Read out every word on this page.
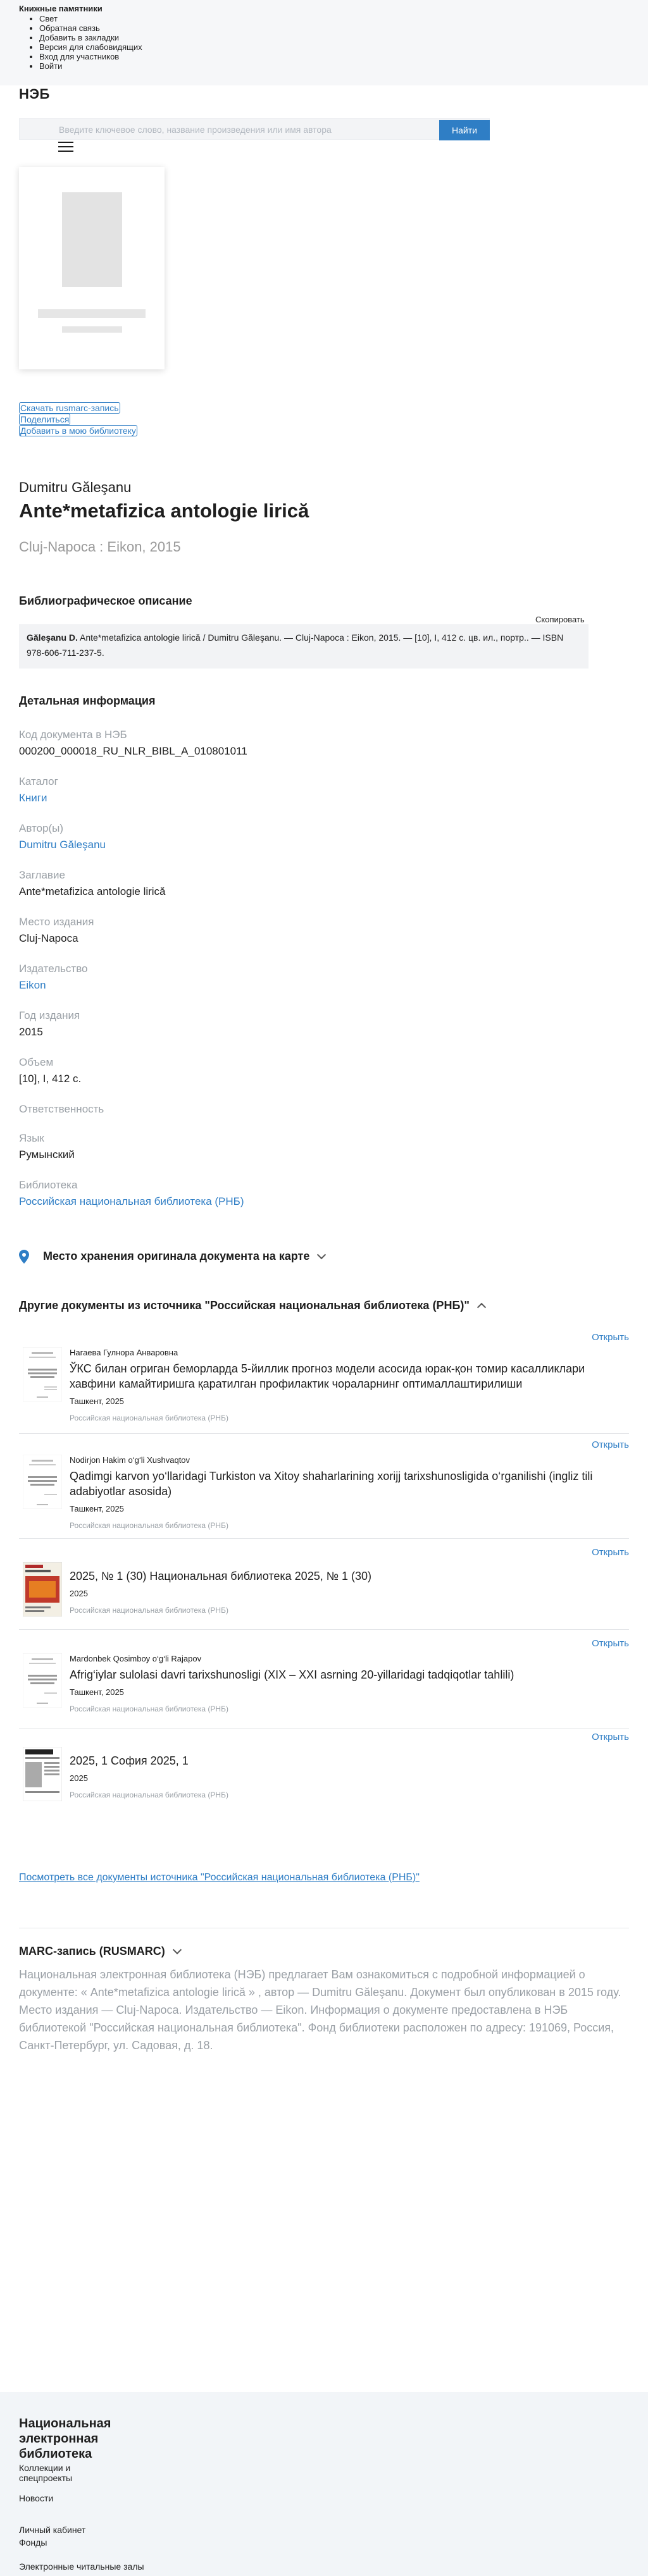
Книжные памятники
• Свет
• Обратная связь
• Добавить в закладки
• Версия для слабовидящих
• Вход для участников
• Войти
НЭБ
Введите ключевое слово, название произведения или имя автора
Найти
Скачать rusmarc-запись
Поделиться
Добавить в мою библиотеку
Dumitru Găleşanu
Ante*metafizica antologie lirică
Cluj-Napoca : Eikon, 2015
Библиографическое описание
Скопировать
Găleşanu D. Ante*metafizica antologie lirică / Dumitru Găleşanu. — Cluj-Napoca : Eikon, 2015. — [10], I, 412 с. цв. ил., портр.. — ISBN 978-606-711-237-5.
Детальная информация
Код документа в НЭБ
000200_000018_RU_NLR_BIBL_A_010801011
Каталог
Книги
Автор(ы)
Dumitru Găleşanu
Заглавие
Ante*metafizica antologie lirică
Место издания
Cluj-Napoca
Издательство
Eikon
Год издания
2015
Объем
[10], I, 412 с.
Ответственность
Язык
Румынский
Библиотека
Российская национальная библиотека (РНБ)
Место хранения оригинала документа на карте
Другие документы из источника "Российская национальная библиотека (РНБ)"
Открыть
Нагаева Гулнора Анваровна
ЎКС билан огриган беморларда 5-йиллик прогноз модели асосида юрак-қон томир касалликлари хавфини камайтиришга қаратилган профилактик чораларнинг оптималлаштирилиши
Ташкент, 2025
Российская национальная библиотека (РНБ)
Открыть
Nodirjon Hakim o‘g‘li Xushvaqtov
Qadimgi karvon yo‘llaridagi Turkiston va Xitoy shaharlarining xorijj tarixshunosligida o‘rganilishi (ingliz tili adabiyotlar asosida)
Ташкент, 2025
Российская национальная библиотека (РНБ)
Открыть
2025, № 1 (30) Национальная библиотека 2025, № 1 (30)
2025
Российская национальная библиотека (РНБ)
Открыть
Mardonbek Qosimboy o‘g‘li Rajapov
Afrig‘iylar sulolasi davri tarixshunosligi (XIX – XXI asrning 20-yillaridagi tadqiqotlar tahlili)
Ташкент, 2025
Российская национальная библиотека (РНБ)
Открыть
2025, 1 София 2025, 1
2025
Российская национальная библиотека (РНБ)
Посмотреть все документы источника "Российская национальная библиотека (РНБ)"
MARC-запись (RUSMARC)

Национальная электронная библиотека (НЭБ) предлагает Вам ознакомиться с подробной информацией о документе: « Ante*metafizica antologie lirică » , автор — Dumitru Găleşanu. Документ был опубликован в 2015 году. Место издания — Cluj-Napoca. Издательство — Eikon. Информация о документе предоставлена в НЭБ библиотекой "Российская национальная библиотека". Фонд библиотеки расположен по адресу: 191069, Россия, Санкт-Петербург, ул. Садовая, д. 18.

Национальная
электронная
библиотека
Коллекции и
спецпроекты
Новости
Личный кабинет
Фонды
Электронные читальные залы
